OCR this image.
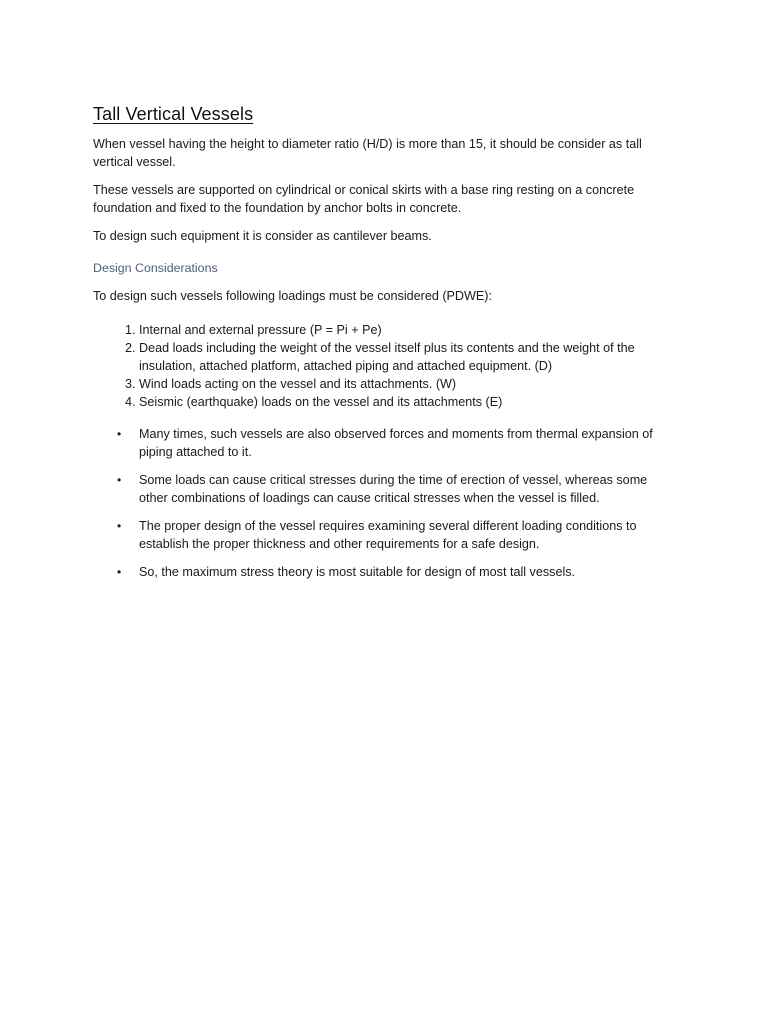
Tall Vertical Vessels

When vessel having the height to diameter ratio (H/D) is more than 15, it should be consider as tall vertical vessel.

These vessels are supported on cylindrical or conical skirts with a base ring resting on a concrete foundation and fixed to the foundation by anchor bolts in concrete.

To design such equipment it is consider as cantilever beams.

Design Considerations

To design such vessels following loadings must be considered (PDWE):

1. Internal and external pressure (P = Pi + Pe)
2. Dead loads including the weight of the vessel itself plus its contents and the weight of the insulation, attached platform, attached piping and attached equipment. (D)
3. Wind loads acting on the vessel and its attachments. (W)
4. Seismic (earthquake) loads on the vessel and its attachments (E)
• Many times, such vessels are also observed forces and moments from thermal expansion of piping attached to it.
• Some loads can cause critical stresses during the time of erection of vessel, whereas some other combinations of loadings can cause critical stresses when the vessel is filled.
• The proper design of the vessel requires examining several different loading conditions to establish the proper thickness and other requirements for a safe design.
• So, the maximum stress theory is most suitable for design of most tall vessels.
